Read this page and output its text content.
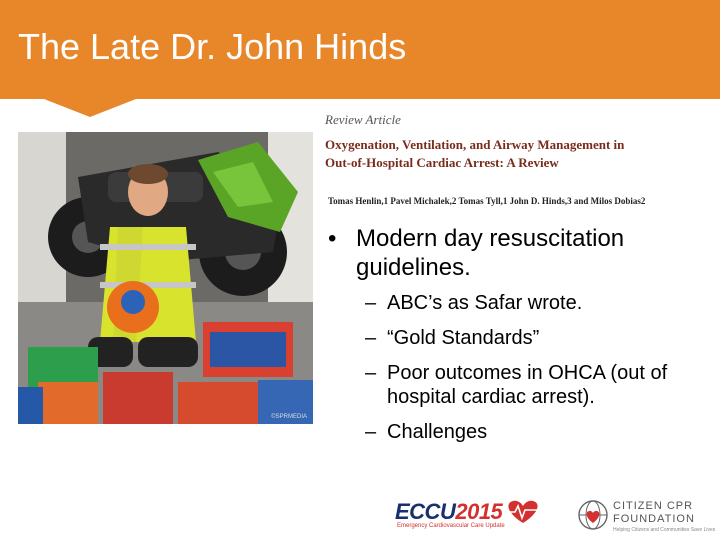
The Late Dr. John Hinds
©SPRMEDIA
Review Article
Oxygenation, Ventilation, and Airway Management in
Out-of-Hospital Cardiac Arrest: A Review
Tomas Henlin,1 Pavel Michalek,2 Tomas Tyll,1 John D. Hinds,3 and Milos Dobias2
• Modern day resuscitation guidelines.
– ABC’s as Safar wrote.
– “Gold Standards”
– Poor outcomes in OHCA (out of hospital cardiac arrest).
– Challenges
ECCU2015
Emergency Cardiovascular Care Update
CITIZEN CPR
FOUNDATION
Helping Citizens and Communities Save Lives
